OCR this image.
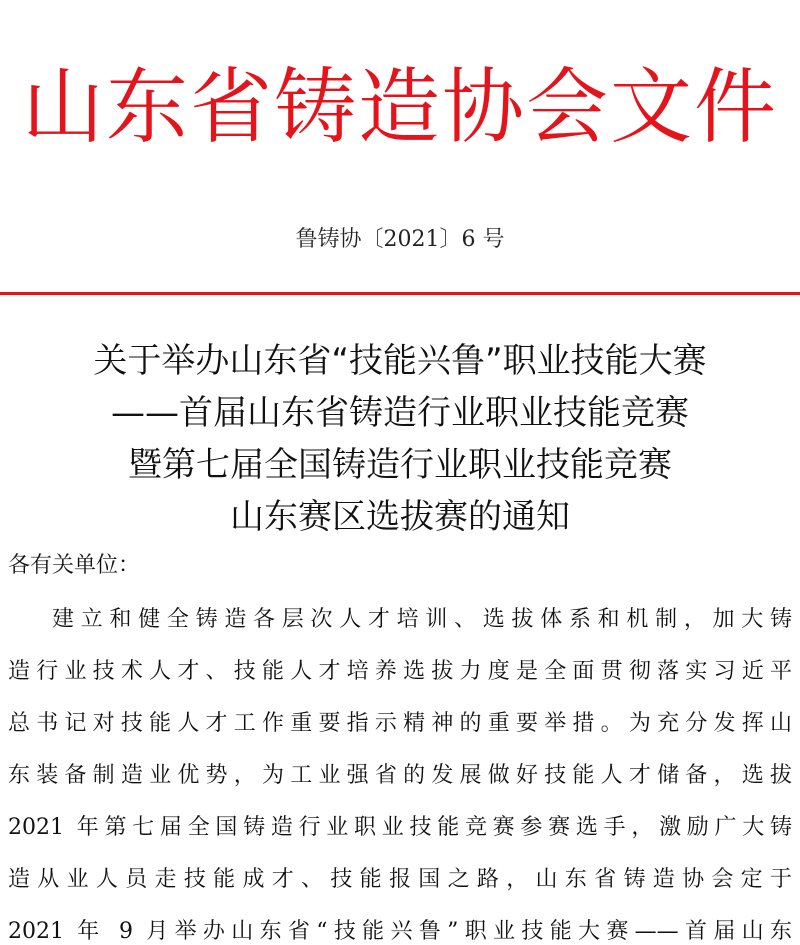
山东省铸造协会文件
鲁铸协〔2021〕6 号
关于举办山东省“技能兴鲁”职业技能大赛
——首届山东省铸造行业职业技能竞赛
暨第七届全国铸造行业职业技能竞赛
山东赛区选拔赛的通知
各有关单位：
建立和健全铸造各层次人才培训、选拔体系和机制，加大铸
造行业技术人才、技能人才培养选拔力度是全面贯彻落实习近平
总书记对技能人才工作重要指示精神的重要举措。为充分发挥山
东装备制造业优势，为工业强省的发展做好技能人才储备，选拔
2021 年第七届全国铸造行业职业技能竞赛参赛选手，激励广大铸
造从业人员走技能成才、技能报国之路，山东省铸造协会定于
2021 年 9 月举办山东省“技能兴鲁”职业技能大赛——首届山东
